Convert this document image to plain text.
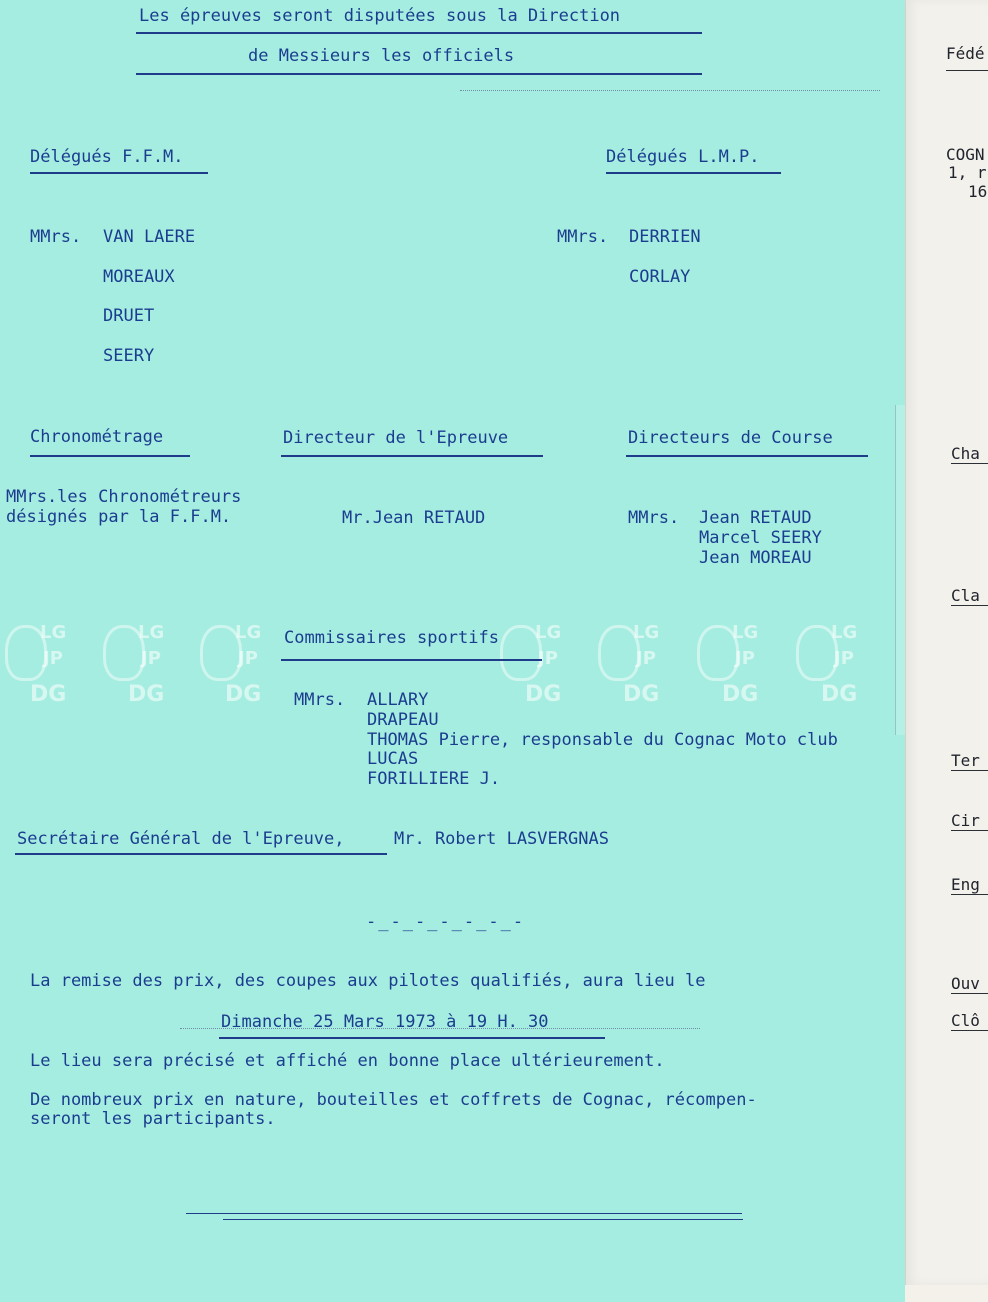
Les épreuves seront disputées sous la Direction
de Messieurs les officiels
Délégués F.F.M.	Délégués L.M.P.
MMrs. VAN LAERE
MOREAUX
DRUET
SEERY
MMrs. DERRIEN
CORLAY
Chronométrage	Directeur de l'Epreuve	Directeurs de Course
MMrs.les Chronométreurs
désignés par la F.F.M.	Mr.Jean RETAUD	MMrs. Jean RETAUD
Marcel SEERY
Jean MOREAU
LG
JP
DG
LG
JP
DG
LG
JP
DG
LG
JP
DG
LG
JP
DG
LG
JP
DG
LG
JP
DG
Commissaires sportifs
MMrs. ALLARY
DRAPEAU
THOMAS Pierre, responsable du Cognac Moto club
LUCAS
FORILLIERE J.
Secrétaire Général de l'Epreuve,	Mr. Robert LASVERGNAS
-_-_-_-_-_-_-
La remise des prix, des coupes aux pilotes qualifiés, aura lieu le
Dimanche 25 Mars 1973 à 19 H. 30
Le lieu sera précisé et affiché en bonne place ultérieurement.
De nombreux prix en nature, bouteilles et coffrets de Cognac, récompen-
seront les participants.
Fédé
COGN
1, r
16
Cha
Cla
Ter
Cir
Eng
Ouv
Clô
